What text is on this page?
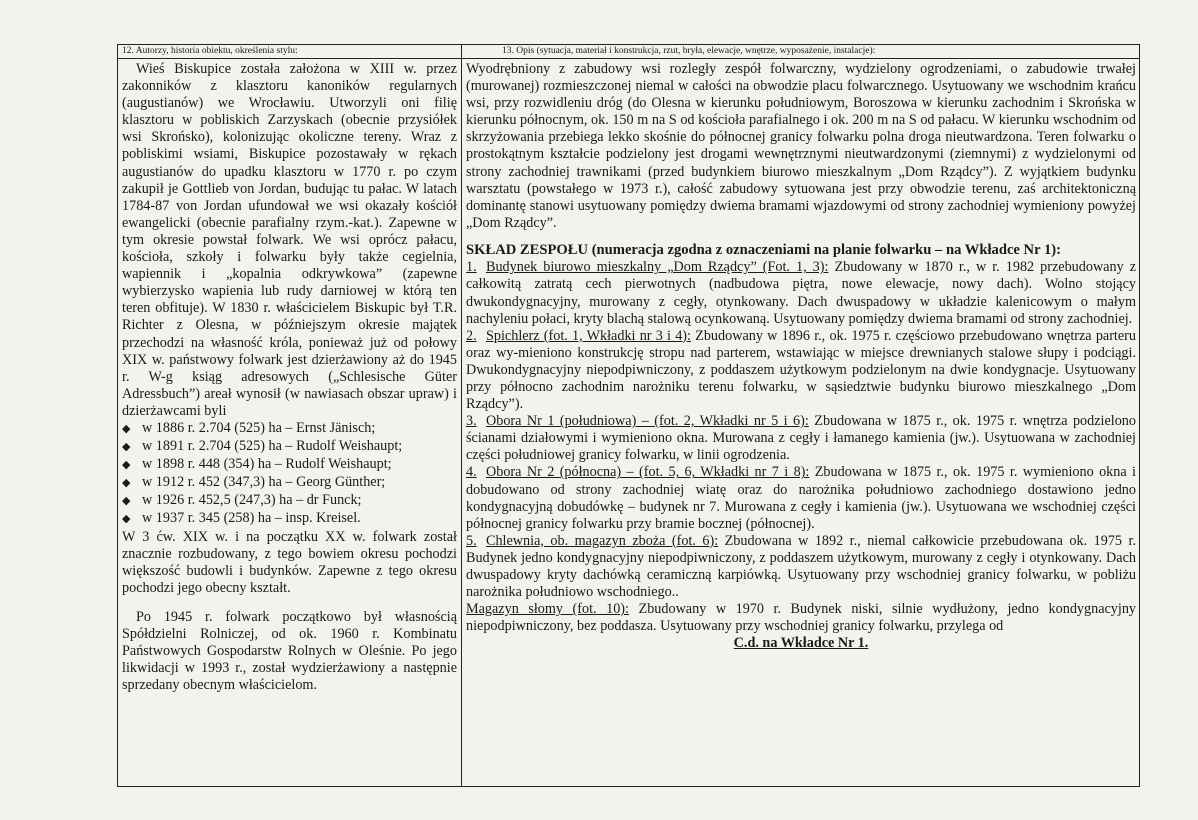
12. Autorzy, historia obiektu, określenia stylu:

Wieś Biskupice została założona w XIII w. przez zakonników z klasztoru kanoników regularnych (augustianów) we Wrocławiu. Utworzyli oni filię klasztoru w pobliskich Zarzyskach (obecnie przysiółek wsi Skrońsko), kolonizując okoliczne tereny. Wraz z pobliskimi wsiami, Biskupice pozostawały w rękach augustianów do upadku klasztoru w 1770 r. po czym zakupił je Gottlieb von Jordan, budując tu pałac. W latach 1784-87 von Jordan ufundował we wsi okazały kościół ewangelicki (obecnie parafialny rzym.-kat.). Zapewne w tym okresie powstał folwark. We wsi oprócz pałacu, kościoła, szkoły i folwarku były także cegielnia, wapiennik i „kopalnia odkrywkowa” (zapewne wybierzysko wapienia lub rudy darniowej w którą ten teren obfituje). W 1830 r. właścicielem Biskupic był T.R. Richter z Olesna, w późniejszym okresie majątek przechodzi na własność króla, ponieważ już od połowy XIX w. państwowy folwark jest dzierżawiony aż do 1945 r. W-g ksiąg adresowych („Schlesische Güter Adressbuch”) areał wynosił (w nawiasach obszar upraw) i dzierżawcami byli

◆ w 1886 r. 2.704 (525) ha – Ernst Jänisch;
◆ w 1891 r. 2.704 (525) ha – Rudolf Weishaupt;
◆ w 1898 r. 448 (354) ha – Rudolf Weishaupt;
◆ w 1912 r. 452 (347,3) ha – Georg Günther;
◆ w 1926 r. 452,5 (247,3) ha – dr Funck;
◆ w 1937 r. 345 (258) ha – insp. Kreisel.

W 3 ćw. XIX w. i na początku XX w. folwark został znacznie rozbudowany, z tego bowiem okresu pochodzi większość budowli i budynków. Zapewne z tego okresu pochodzi jego obecny kształt.

Po 1945 r. folwark początkowo był własnością Spółdzielni Rolniczej, od ok. 1960 r. Kombinatu Państwowych Gospodarstw Rolnych w Oleśnie. Po jego likwidacji w 1993 r., został wydzierżawiony a następnie sprzedany obecnym właścicielom.

13. Opis (sytuacja, materiał i konstrukcja, rzut, bryła, elewacje, wnętrze, wyposażenie, instalacje):

Wyodrębniony z zabudowy wsi rozległy zespół folwarczny, wydzielony ogrodzeniami, o zabudowie trwałej (murowanej) rozmieszczonej niemal w całości na obwodzie placu folwarcznego. Usytuowany we wschodnim krańcu wsi, przy rozwidleniu dróg (do Olesna w kierunku południowym, Boroszowa w kierunku zachodnim i Skrońska w kierunku północnym, ok. 150 m na S od kościoła parafialnego i ok. 200 m na S od pałacu. W kierunku wschodnim od skrzyżowania przebiega lekko skośnie do północnej granicy folwarku polna droga nieutwardzona. Teren folwarku o prostokątnym kształcie podzielony jest drogami wewnętrznymi nieutwardzonymi (ziemnymi) z wydzielonymi od strony zachodniej trawnikami (przed budynkiem biurowo mieszkalnym „Dom Rządcy”). Z wyjątkiem budynku warsztatu (powstałego w 1973 r.), całość zabudowy sytuowana jest przy obwodzie terenu, zaś architektoniczną dominantę stanowi usytuowany pomiędzy dwiema bramami wjazdowymi od strony zachodniej wymieniony powyżej „Dom Rządcy”.

SKŁAD ZESPOŁU (numeracja zgodna z oznaczeniami na planie folwarku – na Wkładce Nr 1):
1. Budynek biurowo mieszkalny „Dom Rządcy” (Fot. 1, 3): Zbudowany w 1870 r., w r. 1982 przebudowany z całkowitą zatratą cech pierwotnych (nadbudowa piętra, nowe elewacje, nowy dach). Wolno stojący dwukondygnacyjny, murowany z cegły, otynkowany. Dach dwuspadowy w układzie kalenicowym o małym nachyleniu połaci, kryty blachą stalową ocynkowaną. Usytuowany pomiędzy dwiema bramami od strony zachodniej.
2. Spichlerz (fot. 1, Wkładki nr 3 i 4): Zbudowany w 1896 r., ok. 1975 r. częściowo przebudowano wnętrza parteru oraz wy-mieniono konstrukcję stropu nad parterem, wstawiając w miejsce drewnianych stalowe słupy i podciągi. Dwukondygnacyjny niepodpiwniczony, z poddaszem użytkowym podzielonym na dwie kondygnacje. Usytuowany przy północno zachodnim narożniku terenu folwarku, w sąsiedztwie budynku biurowo mieszkalnego „Dom Rządcy”).
3. Obora Nr 1 (południowa) – (fot. 2, Wkładki nr 5 i 6): Zbudowana w 1875 r., ok. 1975 r. wnętrza podzielono ścianami działowymi i wymieniono okna. Murowana z cegły i łamanego kamienia (jw.). Usytuowana w zachodniej części południowej granicy folwarku, w linii ogrodzenia.
4. Obora Nr 2 (północna) – (fot. 5, 6, Wkładki nr 7 i 8): Zbudowana w 1875 r., ok. 1975 r. wymieniono okna i dobudowano od strony zachodniej wiatę oraz do narożnika południowo zachodniego dostawiono jedno kondygnacyjną dobudówkę – budynek nr 7. Murowana z cegły i kamienia (jw.). Usytuowana we wschodniej części północnej granicy folwarku przy bramie bocznej (północnej).
5. Chlewnia, ob. magazyn zboża (fot. 6): Zbudowana w 1892 r., niemal całkowicie przebudowana ok. 1975 r. Budynek jedno kondygnacyjny niepodpiwniczony, z poddaszem użytkowym, murowany z cegły i otynkowany. Dach dwuspadowy kryty dachówką ceramiczną karpiówką. Usytuowany przy wschodniej granicy folwarku, w pobliżu narożnika południowo wschodniego..
Magazyn słomy (fot. 10): Zbudowany w 1970 r. Budynek niski, silnie wydłużony, jedno kondygnacyjny niepodpiwniczony, bez poddasza. Usytuowany przy wschodniej granicy folwarku, przylega od
C.d. na Wkładce Nr 1.
